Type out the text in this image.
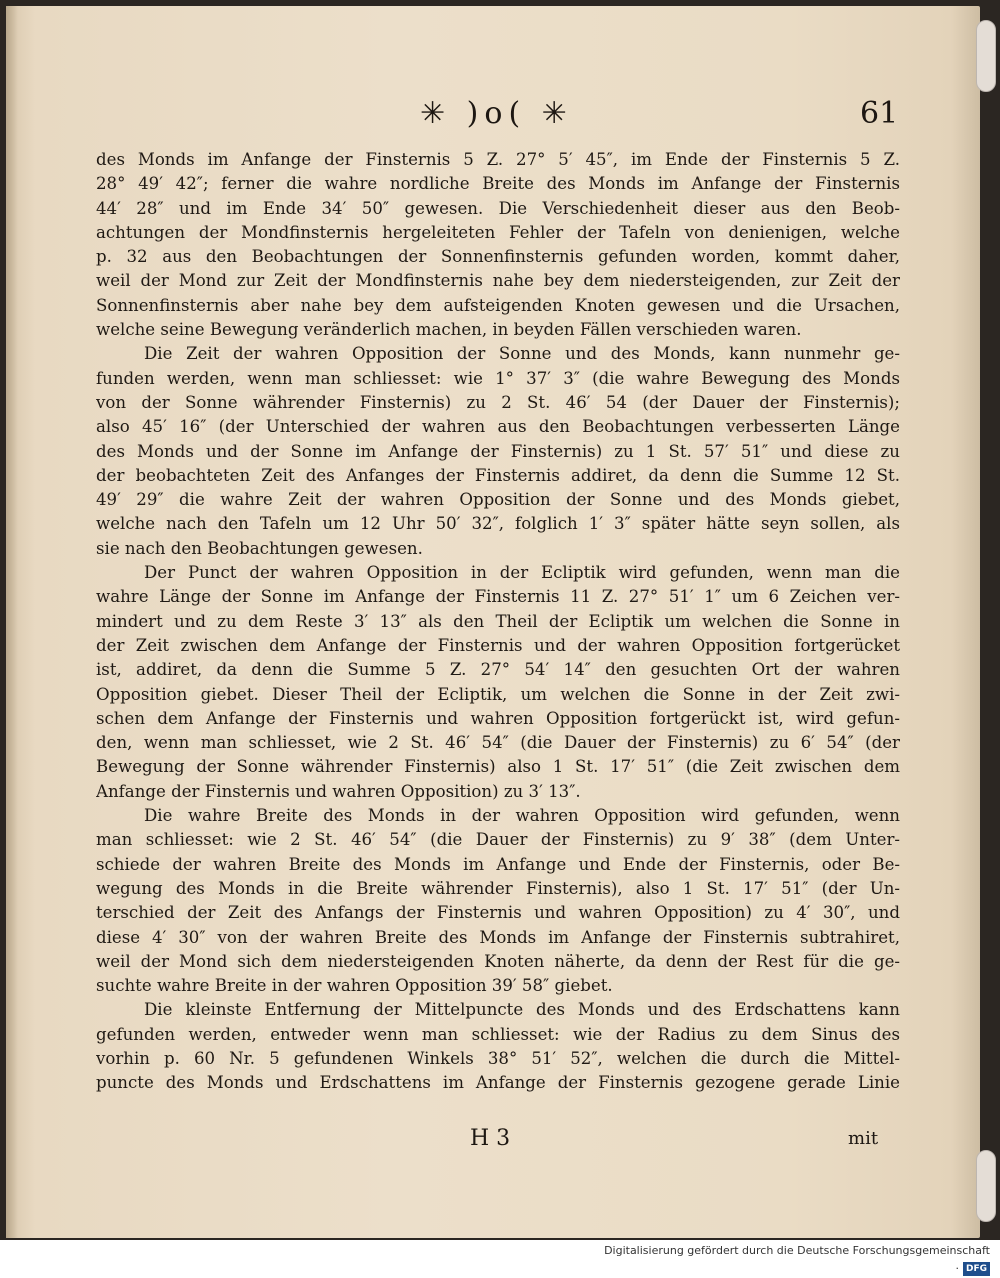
✳ )o( ✳	61
des Monds im Anfange der Finsternis 5 Z. 27° 5′ 45″, im Ende der Finsternis 5 Z.
28° 49′ 42″; ferner die wahre nordliche Breite des Monds im Anfange der Finsternis
44′ 28″ und im Ende 34′ 50″ gewesen. Die Verschiedenheit dieser aus den Beob-
achtungen der Mondfinsternis hergeleiteten Fehler der Tafeln von denienigen, welche
p. 32 aus den Beobachtungen der Sonnenfinsternis gefunden worden, kommt daher,
weil der Mond zur Zeit der Mondfinsternis nahe bey dem niedersteigenden, zur Zeit der
Sonnenfinsternis aber nahe bey dem aufsteigenden Knoten gewesen und die Ursachen,
welche seine Bewegung veränderlich machen, in beyden Fällen verschieden waren.
Die Zeit der wahren Opposition der Sonne und des Monds, kann nunmehr ge-
funden werden, wenn man schliesset: wie 1° 37′ 3″ (die wahre Bewegung des Monds
von der Sonne währender Finsternis) zu 2 St. 46′ 54 (der Dauer der Finsternis);
also 45′ 16″ (der Unterschied der wahren aus den Beobachtungen verbesserten Länge
des Monds und der Sonne im Anfange der Finsternis) zu 1 St. 57′ 51″ und diese zu
der beobachteten Zeit des Anfanges der Finsternis addiret, da denn die Summe 12 St.
49′ 29″ die wahre Zeit der wahren Opposition der Sonne und des Monds giebet,
welche nach den Tafeln um 12 Uhr 50′ 32″, folglich 1′ 3″ später hätte seyn sollen, als
sie nach den Beobachtungen gewesen.
Der Punct der wahren Opposition in der Ecliptik wird gefunden, wenn man die
wahre Länge der Sonne im Anfange der Finsternis 11 Z. 27° 51′ 1″ um 6 Zeichen ver-
mindert und zu dem Reste 3′ 13″ als den Theil der Ecliptik um welchen die Sonne in
der Zeit zwischen dem Anfange der Finsternis und der wahren Opposition fortgerücket
ist, addiret, da denn die Summe 5 Z. 27° 54′ 14″ den gesuchten Ort der wahren
Opposition giebet. Dieser Theil der Ecliptik, um welchen die Sonne in der Zeit zwi-
schen dem Anfange der Finsternis und wahren Opposition fortgerückt ist, wird gefun-
den, wenn man schliesset, wie 2 St. 46′ 54″ (die Dauer der Finsternis) zu 6′ 54″ (der
Bewegung der Sonne währender Finsternis) also 1 St. 17′ 51″ (die Zeit zwischen dem
Anfange der Finsternis und wahren Opposition) zu 3′ 13″.
Die wahre Breite des Monds in der wahren Opposition wird gefunden, wenn
man schliesset: wie 2 St. 46′ 54″ (die Dauer der Finsternis) zu 9′ 38″ (dem Unter-
schiede der wahren Breite des Monds im Anfange und Ende der Finsternis, oder Be-
wegung des Monds in die Breite währender Finsternis), also 1 St. 17′ 51″ (der Un-
terschied der Zeit des Anfangs der Finsternis und wahren Opposition) zu 4′ 30″, und
diese 4′ 30″ von der wahren Breite des Monds im Anfange der Finsternis subtrahiret,
weil der Mond sich dem niedersteigenden Knoten näherte, da denn der Rest für die ge-
suchte wahre Breite in der wahren Opposition 39′ 58″ giebet.
Die kleinste Entfernung der Mittelpuncte des Monds und des Erdschattens kann
gefunden werden, entweder wenn man schliesset: wie der Radius zu dem Sinus des
vorhin p. 60 Nr. 5 gefundenen Winkels 38° 51′ 52″, welchen die durch die Mittel-
puncte des Monds und Erdschattens im Anfange der Finsternis gezogene gerade Linie
H 3	mit
Digitalisierung gefördert durch die Deutsche Forschungsgemeinschaft · DFG
